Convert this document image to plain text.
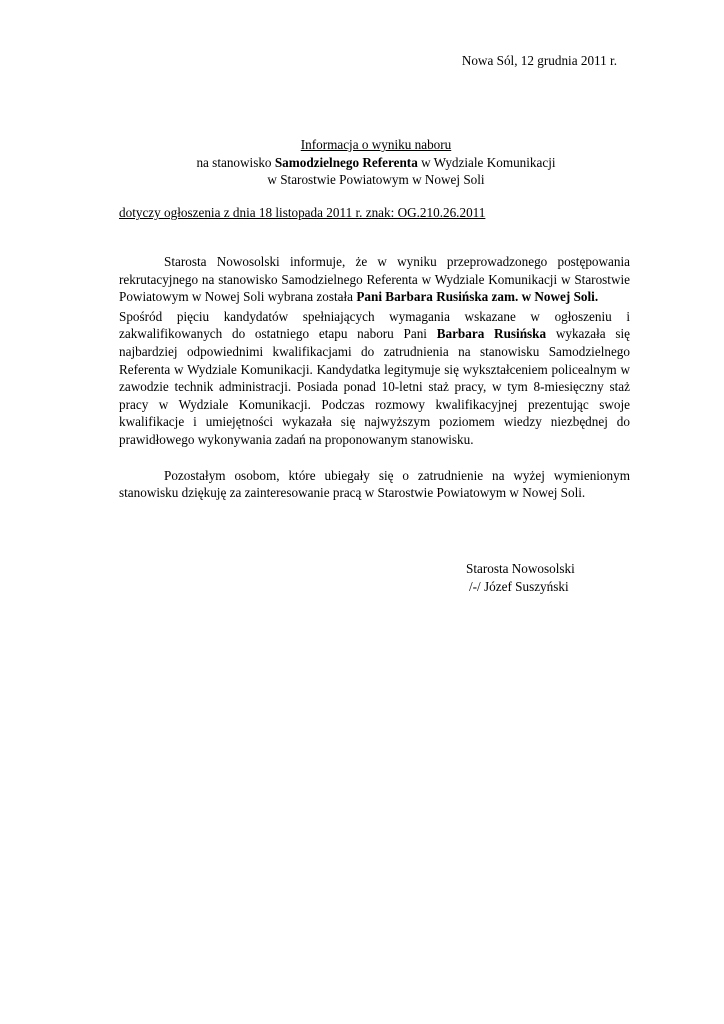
Nowa Sól, 12 grudnia 2011 r.
Informacja o wyniku naboru
na stanowisko Samodzielnego Referenta w Wydziale Komunikacji
w Starostwie Powiatowym w Nowej Soli
dotyczy ogłoszenia z dnia 18 listopada 2011 r. znak: OG.210.26.2011

Starosta Nowosolski informuje, że w wyniku przeprowadzonego postępowania rekrutacyjnego na stanowisko Samodzielnego Referenta w Wydziale Komunikacji w Starostwie Powiatowym w Nowej Soli wybrana została Pani Barbara Rusińska zam. w Nowej Soli.

Spośród pięciu kandydatów spełniających wymagania wskazane w ogłoszeniu i zakwalifikowanych do ostatniego etapu naboru Pani Barbara Rusińska wykazała się najbardziej odpowiednimi kwalifikacjami do zatrudnienia na stanowisku Samodzielnego Referenta w Wydziale Komunikacji. Kandydatka legitymuje się wykształceniem policealnym w zawodzie technik administracji. Posiada ponad 10-letni staż pracy, w tym 8-miesięczny staż pracy w Wydziale Komunikacji. Podczas rozmowy kwalifikacyjnej prezentując swoje kwalifikacje i umiejętności wykazała się najwyższym poziomem wiedzy niezbędnej do prawidłowego wykonywania zadań na proponowanym stanowisku.

Pozostałym osobom, które ubiegały się o zatrudnienie na wyżej wymienionym stanowisku dziękuję za zainteresowanie pracą w Starostwie Powiatowym w Nowej Soli.

Starosta Nowosolski
/-/ Józef Suszyński
